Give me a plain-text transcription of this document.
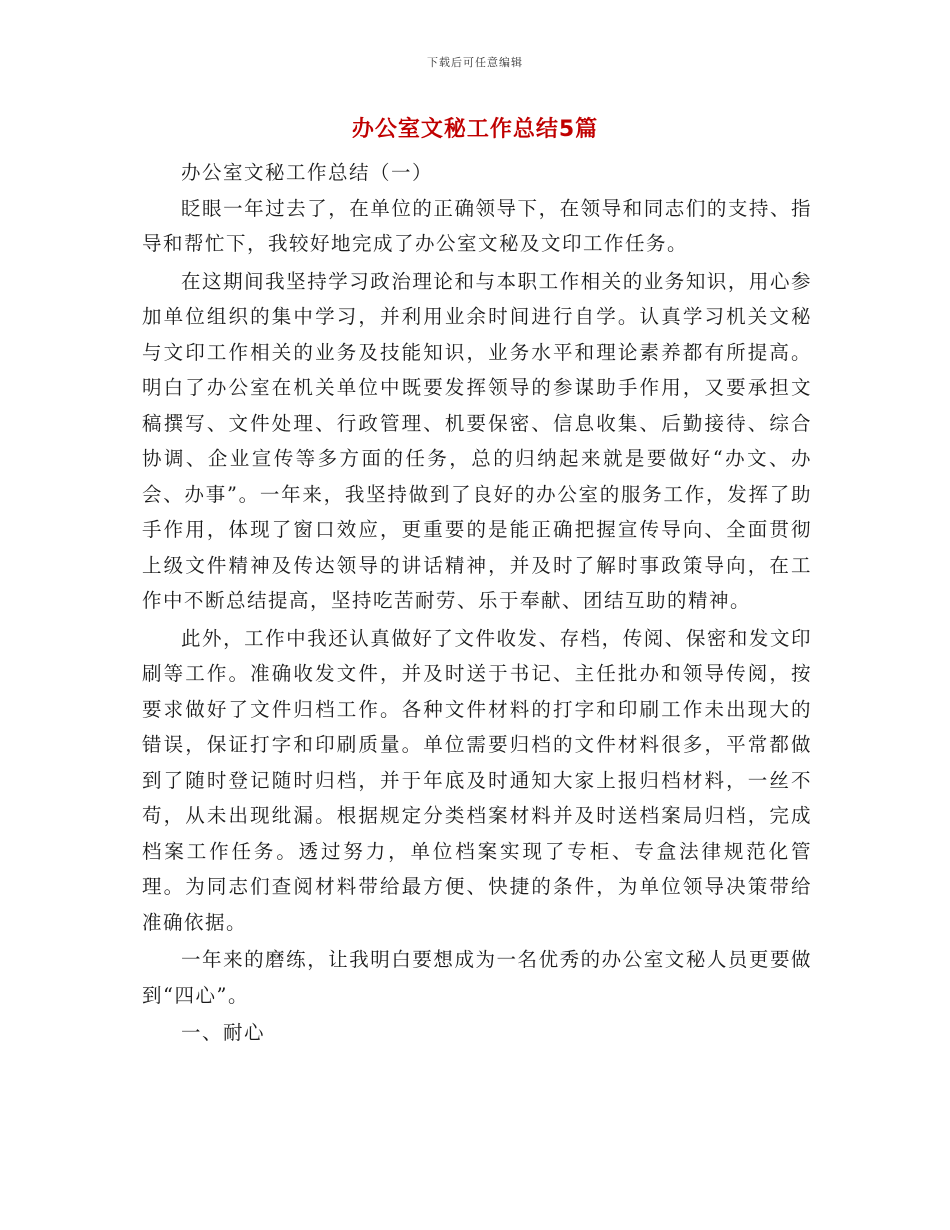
下载后可任意编辑
办公室文秘工作总结5篇

办公室文秘工作总结（一）

眨眼一年过去了，在单位的正确领导下，在领导和同志们的支持、指导和帮忙下，我较好地完成了办公室文秘及文印工作任务。

在这期间我坚持学习政治理论和与本职工作相关的业务知识，用心参加单位组织的集中学习，并利用业余时间进行自学。认真学习机关文秘与文印工作相关的业务及技能知识，业务水平和理论素养都有所提高。明白了办公室在机关单位中既要发挥领导的参谋助手作用，又要承担文稿撰写、文件处理、行政管理、机要保密、信息收集、后勤接待、综合协调、企业宣传等多方面的任务，总的归纳起来就是要做好“办文、办会、办事”。一年来，我坚持做到了良好的办公室的服务工作，发挥了助手作用，体现了窗口效应，更重要的是能正确把握宣传导向、全面贯彻上级文件精神及传达领导的讲话精神，并及时了解时事政策导向，在工作中不断总结提高，坚持吃苦耐劳、乐于奉献、团结互助的精神。

此外，工作中我还认真做好了文件收发、存档，传阅、保密和发文印刷等工作。准确收发文件，并及时送于书记、主任批办和领导传阅，按要求做好了文件归档工作。各种文件材料的打字和印刷工作未出现大的错误，保证打字和印刷质量。单位需要归档的文件材料很多，平常都做到了随时登记随时归档，并于年底及时通知大家上报归档材料，一丝不苟，从未出现纰漏。根据规定分类档案材料并及时送档案局归档，完成档案工作任务。透过努力，单位档案实现了专柜、专盒法律规范化管理。为同志们查阅材料带给最方便、快捷的条件，为单位领导决策带给准确依据。

一年来的磨练，让我明白要想成为一名优秀的办公室文秘人员更要做到“四心”。

一、耐心
